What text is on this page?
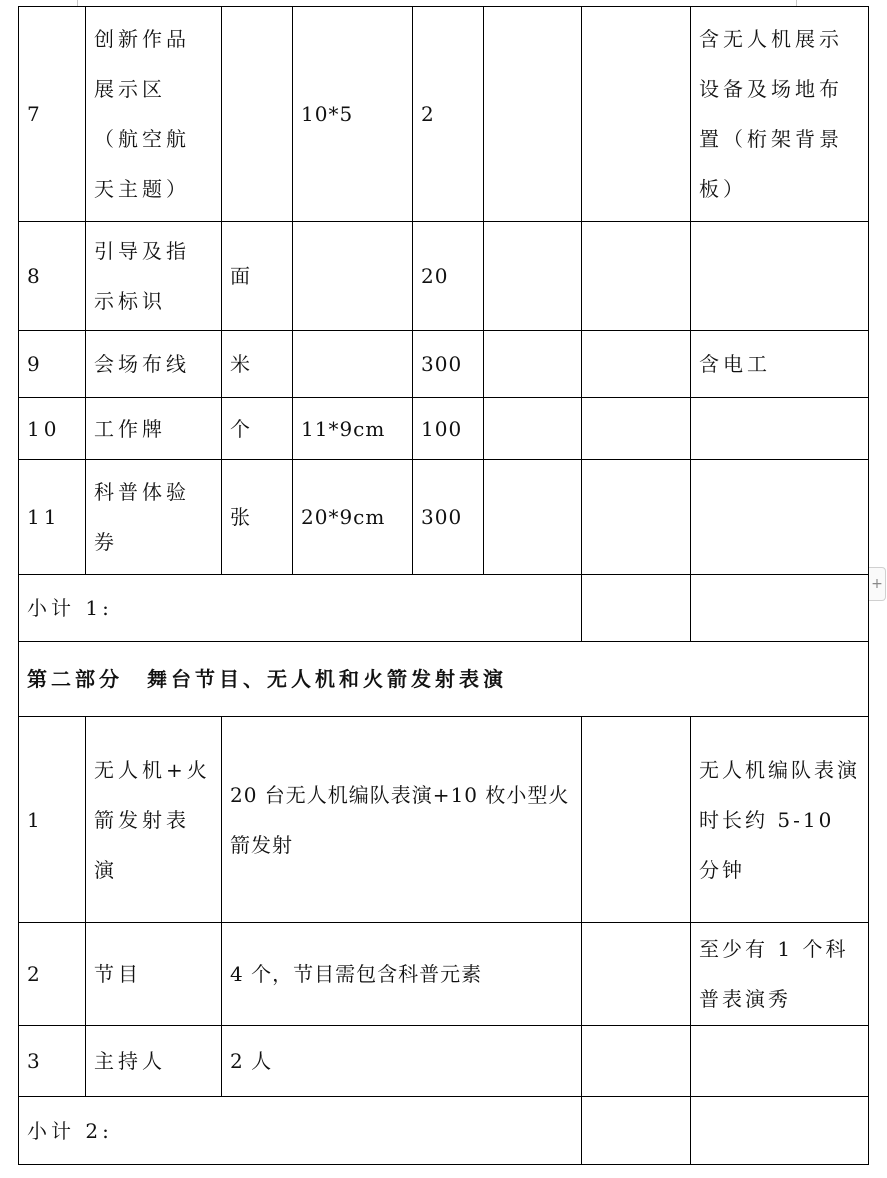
7	创新作品展示区（航空航天主题）		10*5	2			含无人机展示设备及场地布置（桁架背景板）
8	引导及指示标识	面		20			
9	会场布线	米		300			含电工
10	工作牌	个	11*9cm	100			
11	科普体验券	张	20*9cm	300			
小计 1:							
第二部分　舞台节目、无人机和火箭发射表演							
1	无人机+火箭发射表演	20 台无人机编队表演+10 枚小型火箭发射					无人机编队表演时长约 5-10 分钟
2	节目	4 个，节目需包含科普元素					至少有 1 个科普表演秀
3	主持人	2 人					
小计 2:							
+
